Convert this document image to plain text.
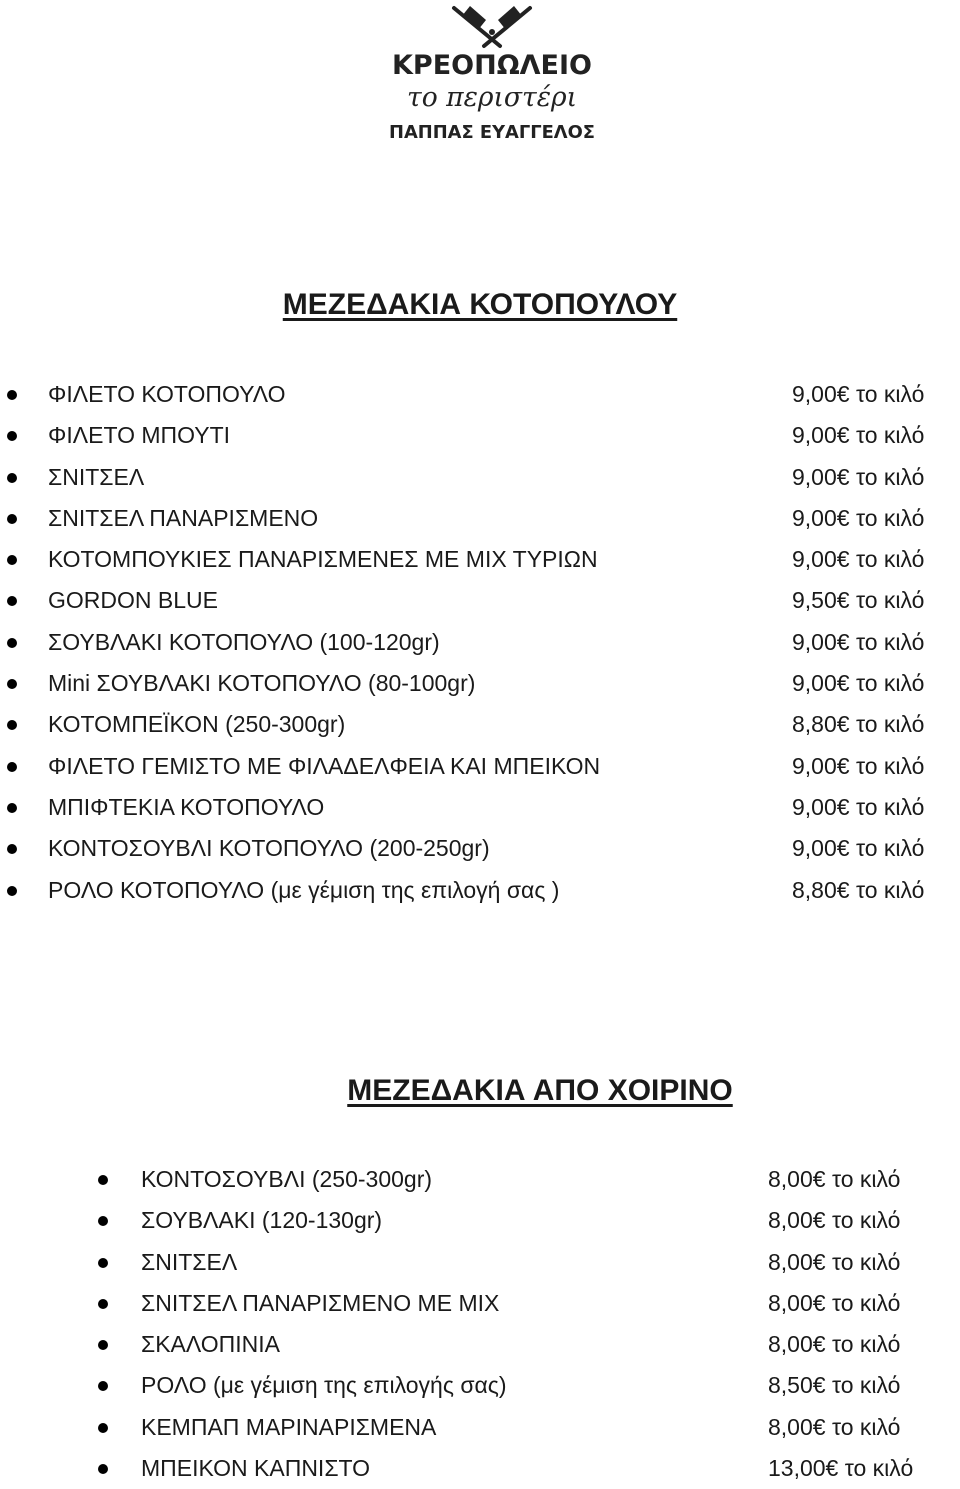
ΚΡΕΟΠΩΛΕΙΟ
το περιστέρι
ΠΑΠΠΑΣ ΕΥΑΓΓΕΛΟΣ
ΜΕΖΕΔΑΚΙΑ ΚΟΤΟΠΟΥΛΟΥ
ΦΙΛΕΤΟ ΚΟΤΟΠΟΥΛΟ	9,00€ το κιλό
ΦΙΛΕΤΟ ΜΠΟΥΤΙ	9,00€ το κιλό
ΣΝΙΤΣΕΛ	9,00€ το κιλό
ΣΝΙΤΣΕΛ ΠΑΝΑΡΙΣΜΕΝΟ	9,00€ το κιλό
ΚΟΤΟΜΠΟΥΚΙΕΣ ΠΑΝΑΡΙΣΜΕΝΕΣ ΜΕ ΜΙΧ ΤΥΡΙΩΝ	9,00€ το κιλό
GORDON BLUE	9,50€ το κιλό
ΣΟΥΒΛΑΚΙ ΚΟΤΟΠΟΥΛΟ (100-120gr)	9,00€ το κιλό
Mini ΣΟΥΒΛΑΚΙ ΚΟΤΟΠΟΥΛΟ (80-100gr)	9,00€ το κιλό
ΚΟΤΟΜΠΕΪΚΟΝ (250-300gr)	8,80€ το κιλό
ΦΙΛΕΤΟ ΓΕΜΙΣΤΟ ΜΕ ΦΙΛΑΔΕΛΦΕΙΑ ΚΑΙ ΜΠΕΙΚΟΝ	9,00€ το κιλό
ΜΠΙΦΤΕΚΙΑ ΚΟΤΟΠΟΥΛΟ	9,00€ το κιλό
ΚΟΝΤΟΣΟΥΒΛΙ ΚΟΤΟΠΟΥΛΟ (200-250gr)	9,00€ το κιλό
ΡΟΛΟ ΚΟΤΟΠΟΥΛΟ (με γέμιση της επιλογή σας )	8,80€ το κιλό
ΜΕΖΕΔΑΚΙΑ ΑΠΟ ΧΟΙΡΙΝΟ
ΚΟΝΤΟΣΟΥΒΛΙ (250-300gr)	8,00€ το κιλό
ΣΟΥΒΛΑΚΙ (120-130gr)	8,00€ το κιλό
ΣΝΙΤΣΕΛ	8,00€ το κιλό
ΣΝΙΤΣΕΛ ΠΑΝΑΡΙΣΜΕΝΟ ΜΕ ΜΙΧ	8,00€ το κιλό
ΣΚΑΛΟΠΙΝΙΑ	8,00€ το κιλό
ΡΟΛΟ (με γέμιση της επιλογής σας)	8,50€ το κιλό
ΚΕΜΠΑΠ ΜΑΡΙΝΑΡΙΣΜΕΝΑ	8,00€ το κιλό
ΜΠΕΙΚΟΝ ΚΑΠΝΙΣΤΟ	13,00€ το κιλό
